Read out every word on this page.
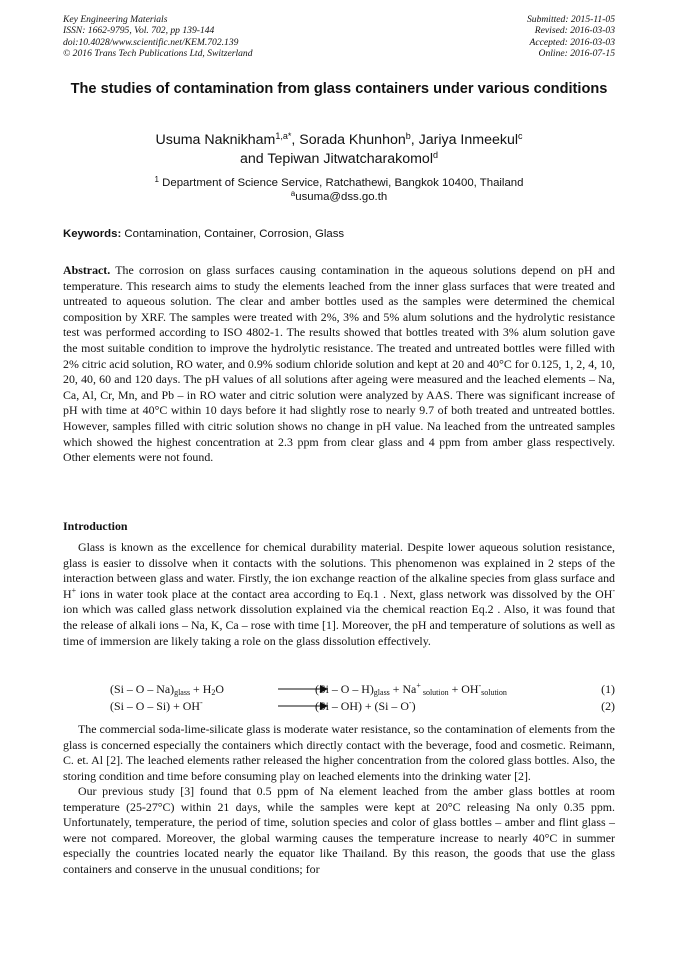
Key Engineering Materials
ISSN: 1662-9795, Vol. 702, pp 139-144
doi:10.4028/www.scientific.net/KEM.702.139
© 2016 Trans Tech Publications Ltd, Switzerland
Submitted: 2015-11-05
Revised: 2016-03-03
Accepted: 2016-03-03
Online: 2016-07-15
The studies of contamination from glass containers under various conditions
Usuma Naknikham$^{1,a*}$, Sorada Khunhon$^b$, Jariya Inmeekul$^c$
and Tepiwan Jitwatcharakomol$^d$
$^1$ Department of Science Service, Ratchathewi, Bangkok 10400, Thailand
$^a$usuma@dss.go.th
Keywords: Contamination, Container, Corrosion, Glass
Abstract. The corrosion on glass surfaces causing contamination in the aqueous solutions depend on pH and temperature. This research aims to study the elements leached from the inner glass surfaces that were treated and untreated to aqueous solution. The clear and amber bottles used as the samples were determined the chemical composition by XRF. The samples were treated with 2%, 3% and 5% alum solutions and the hydrolytic resistance test was performed according to ISO 4802-1. The results showed that bottles treated with 3% alum solution gave the most suitable condition to improve the hydrolytic resistance. The treated and untreated bottles were filled with 2% citric acid solution, RO water, and 0.9% sodium chloride solution and kept at 20 and 40°C for 0.125, 1, 2, 4, 10, 20, 40, 60 and 120 days. The pH values of all solutions after ageing were measured and the leached elements – Na, Ca, Al, Cr, Mn, and Pb – in RO water and citric solution were analyzed by AAS. There was significant increase of pH with time at 40°C within 10 days before it had slightly rose to nearly 9.7 of both treated and untreated bottles. However, samples filled with citric solution shows no change in pH value. Na leached from the untreated samples which showed the highest concentration at 2.3 ppm from clear glass and 4 ppm from amber glass respectively. Other elements were not found.
Introduction
Glass is known as the excellence for chemical durability material. Despite lower aqueous solution resistance, glass is easier to dissolve when it contacts with the solutions. This phenomenon was explained in 2 steps of the interaction between glass and water. Firstly, the ion exchange reaction of the alkaline species from glass surface and H+ ions in water took place at the contact area according to Eq.1 . Next, glass network was dissolved by the OH- ion which was called glass network dissolution explained via the chemical reaction Eq.2 . Also, it was found that the release of alkali ions – Na, K, Ca – rose with time [1]. Moreover, the pH and temperature of solutions as well as time of immersion are likely taking a role on the glass dissolution effectively.
$(Si - O - Na)_{glass} + H_2O$	$(Si - O - H)_{glass} + Na^+$ $_{solution} + OH^-_{solution}$	(1)
(Si – O – Si) + OH-	(Si – OH) + (Si – O-)	(2)
The commercial soda-lime-silicate glass is moderate water resistance, so the contamination of elements from the glass is concerned especially the containers which directly contact with the beverage, food and cosmetic. Reimann, C. et. Al [2]. The leached elements rather released the higher concentration from the colored glass bottles. Also, the storing condition and time before consuming play on leached elements into the drinking water [2].
Our previous study [3] found that 0.5 ppm of Na element leached from the amber glass bottles at room temperature (25-27°C) within 21 days, while the samples were kept at 20°C releasing Na only 0.35 ppm. Unfortunately, temperature, the period of time, solution species and color of glass bottles – amber and flint glass – were not compared. Moreover, the global warming causes the temperature increase to nearly 40°C in summer especially the countries located nearly the equator like Thailand. By this reason, the goods that use the glass containers and conserve in the unusual conditions; for
